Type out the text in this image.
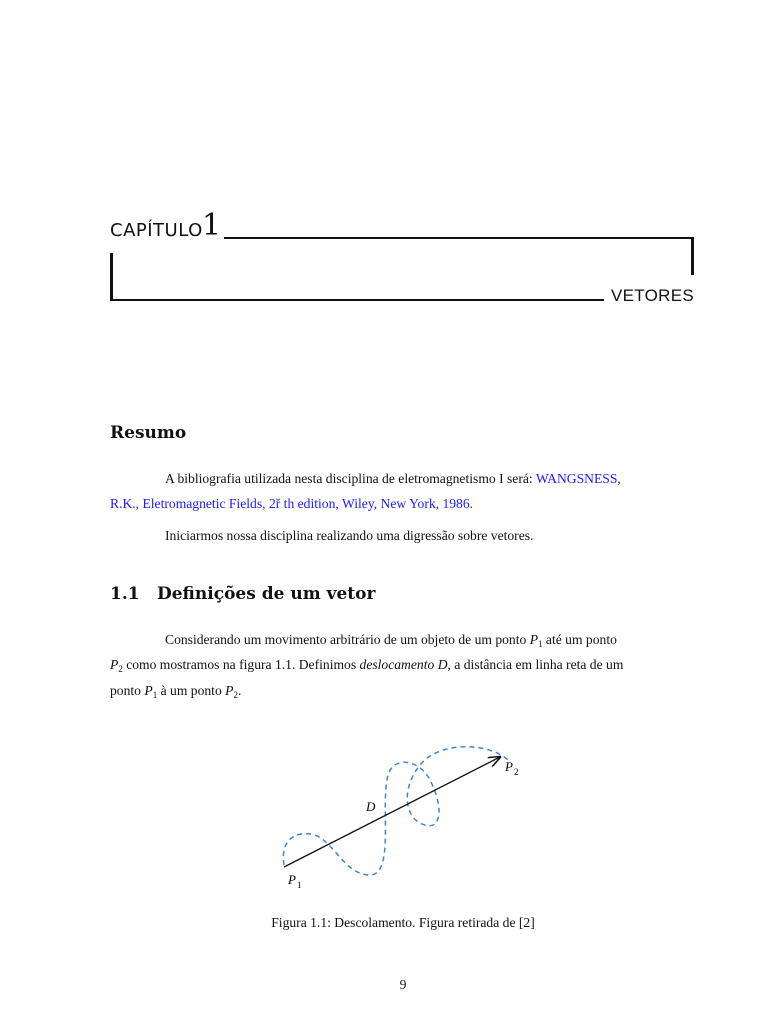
CAPÍTULO 1
VETORES
Resumo
A bibliografia utilizada nesta disciplina de eletromagnetismo I será: WANGSNESS,
R.K., Eletromagnetic Fields, 2ř th edition, Wiley, New York, 1986.
Iniciarmos nossa disciplina realizando uma digressão sobre vetores.
1.1 Definições de um vetor
Considerando um movimento arbitrário de um objeto de um ponto $P_1$ até um ponto
$P_2$ como mostramos na figura 1.1. Definimos deslocamento D, a distância em linha reta de um
ponto $P_1$ à um ponto $P_2$.
P 1
P 2
D
Figura 1.1: Descolamento. Figura retirada de [2]
9
